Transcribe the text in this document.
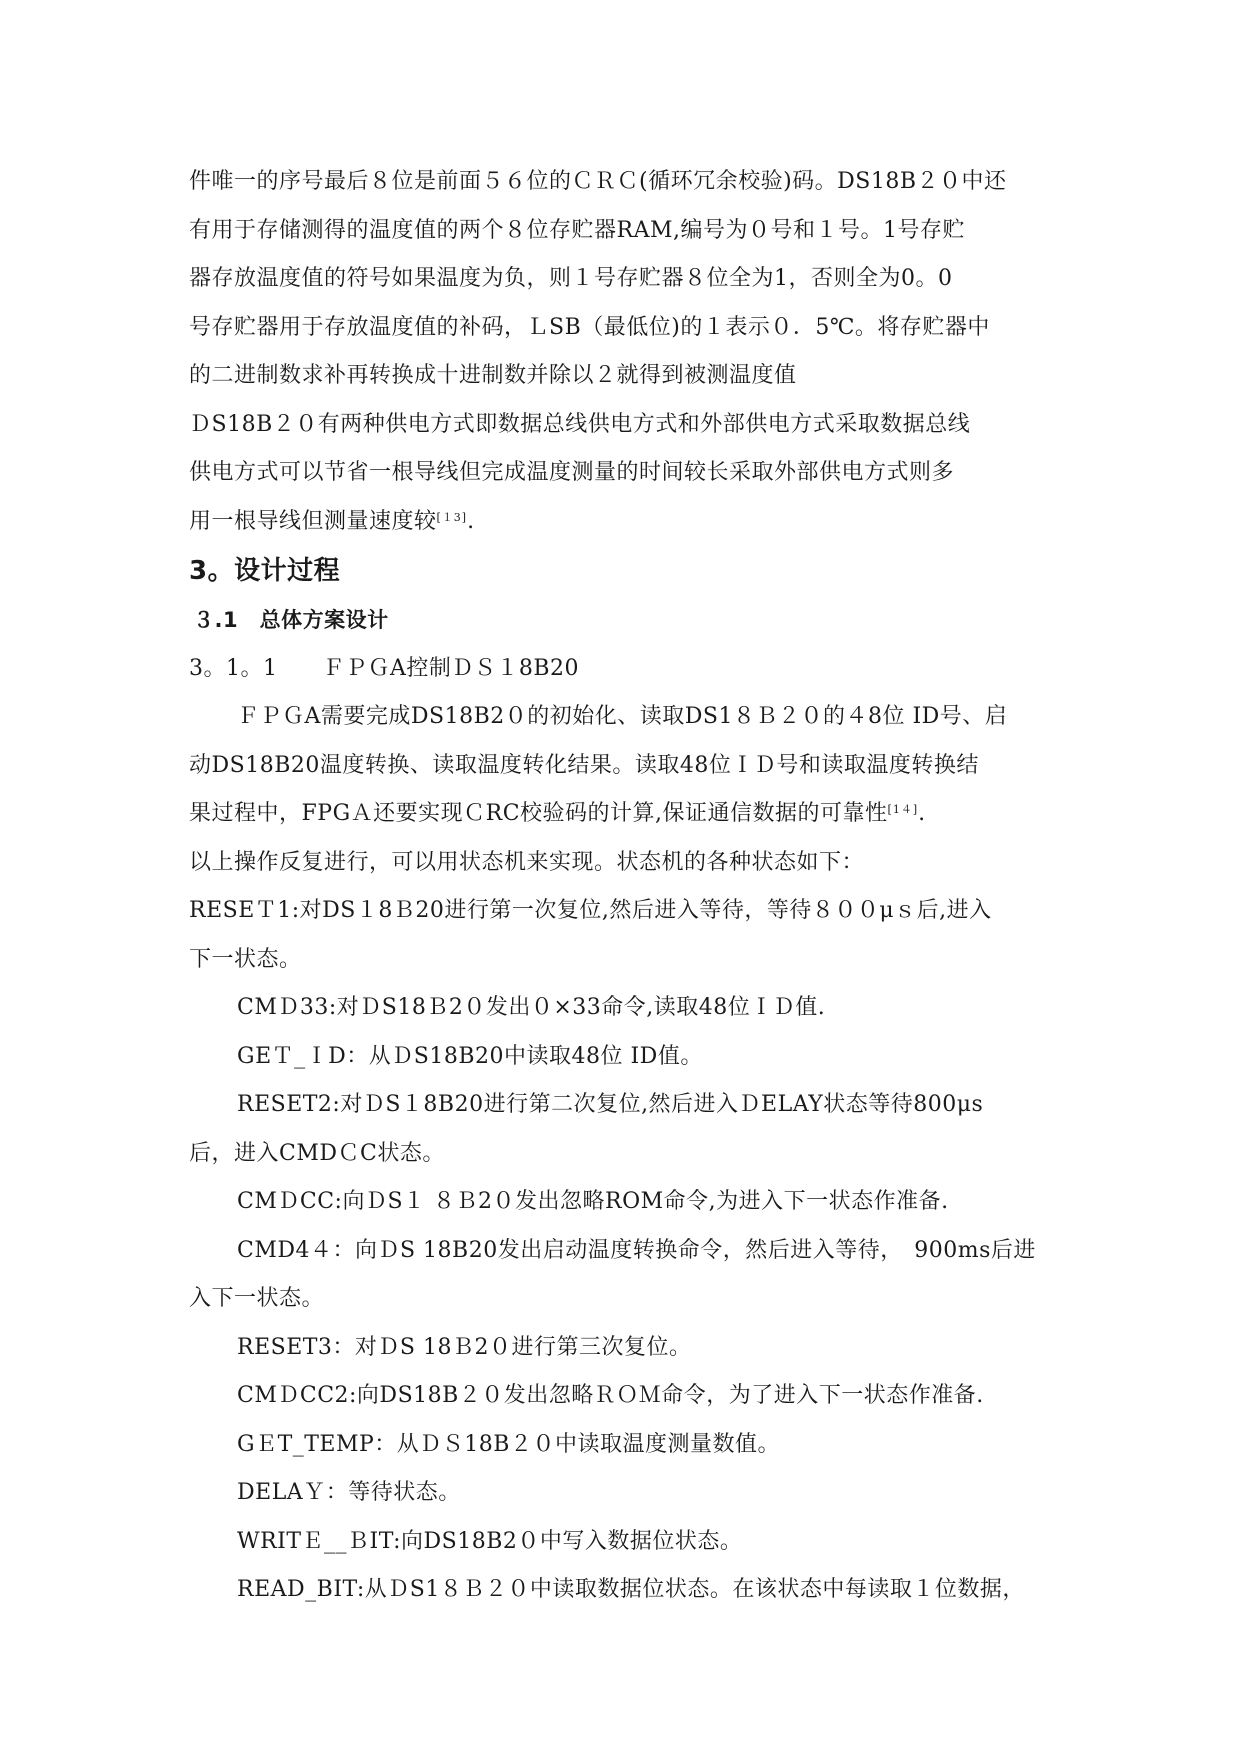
件唯一的序号最后８位是前面５６位的ＣＲＣ(循环冗余校验)码。DS18B２０中还
有用于存储测得的温度值的两个８位存贮器RAM,编号为０号和１号。1号存贮
器存放温度值的符号如果温度为负，则１号存贮器８位全为1，否则全为0。0
号存贮器用于存放温度值的补码，ＬSB（最低位)的１表示０．5℃。将存贮器中
的二进制数求补再转换成十进制数并除以２就得到被测温度值
ＤS18B２０有两种供电方式即数据总线供电方式和外部供电方式采取数据总线
供电方式可以节省一根导线但完成温度测量的时间较长采取外部供电方式则多
用一根导线但测量速度较[１3].
3。设计过程
３.1　总体方案设计
3。1。1　　ＦＰＧA控制ＤＳ１8B20
ＦＰＧA需要完成DS18B2０的初始化、读取DS1８Ｂ２０的４8位 ID号、启
动DS18B20温度转换、读取温度转化结果。读取48位ＩＤ号和读取温度转换结
果过程中，FPGＡ还要实现ＣRC校验码的计算,保证通信数据的可靠性[1４].
以上操作反复进行，可以用状态机来实现。状态机的各种状态如下：
RESEＴ1:对DS１8Ｂ20进行第一次复位,然后进入等待，等待８００μｓ后,进入
下一状态。
CMＤ33:对ＤS18Ｂ2０发出０×33命令,读取48位ＩＤ值.
GEＴ_ＩD：从ＤS18B20中读取48位 ID值。
RESET2:对ＤS１8B20进行第二次复位,然后进入ＤELAY状态等待800μs
后，进入CMDＣC状态。
CMＤCC:向ＤS１ ８Ｂ2０发出忽略ROM命令,为进入下一状态作准备.
CMD4４：向ＤS 18B20发出启动温度转换命令，然后进入等待，　900ms后进
入下一状态。
RESET3：对ＤS 18Ｂ2０进行第三次复位。
CMＤCC2:向DS18B２０发出忽略ＲＯＭ命令，为了进入下一状态作准备.
GＥT_TEMP：从ＤＳ18B２０中读取温度测量数值。
DELAＹ：等待状态。
WRITＥ__ＢIT:向DS18B2０中写入数据位状态。
READ_BIT:从ＤS1８Ｂ２０中读取数据位状态。在该状态中每读取１位数据，
